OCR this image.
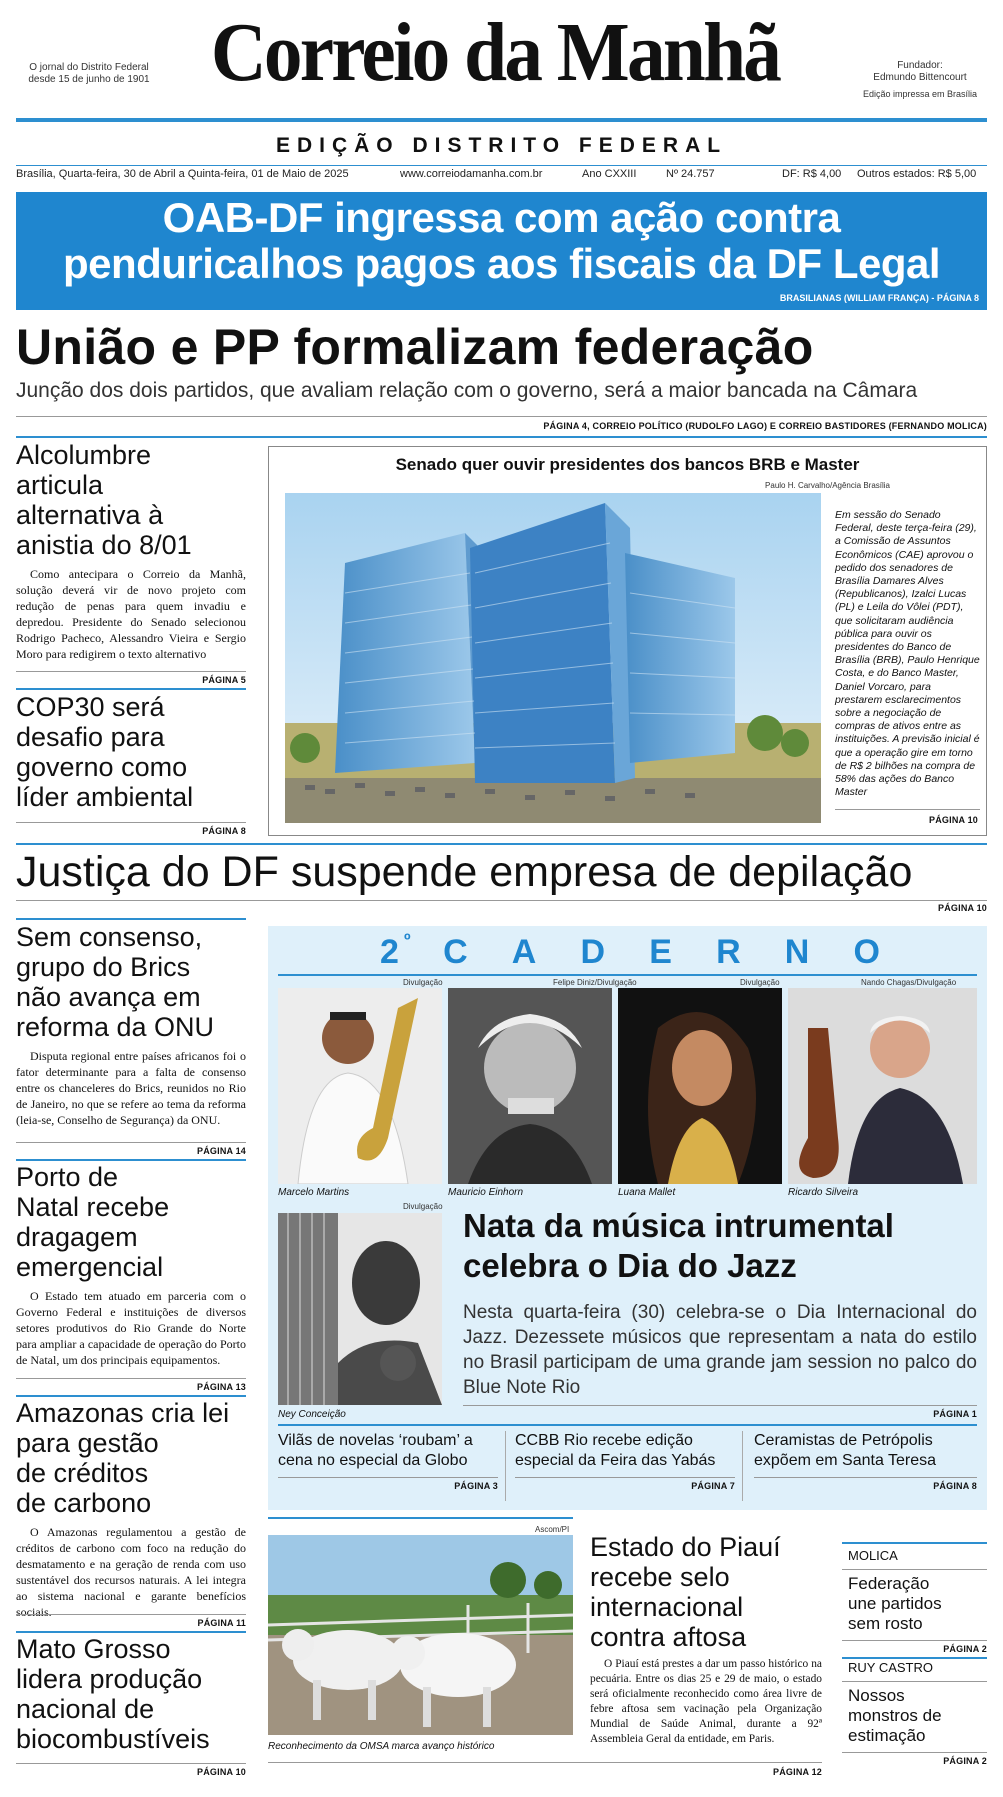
O jornal do Distrito Federal
desde 15 de junho de 1901 Correio da Manhã	Fundador:
Edmundo Bittencourt
Edição impressa em Brasília
EDIÇÃO DISTRITO FEDERAL
Brasília, Quarta-feira, 30 de Abril a Quinta-feira, 01 de Maio de 2025	www.correiodamanha.com.br	Ano CXXIII	Nº 24.757	DF: R$ 4,00 Outros estados: R$ 5,00
OAB-DF ingressa com ação contra
penduricalhos pagos aos fiscais da DF Legal
BRASILIANAS (WILLIAM FRANÇA) - PÁGINA 8
União e PP formalizam federação
Junção dos dois partidos, que avaliam relação com o governo, será a maior bancada na Câmara
PÁGINA 4, CORREIO POLÍTICO (RUDOLFO LAGO) E CORREIO BASTIDORES (FERNANDO MOLICA)
Alcolumbre
articula
alternativa à
anistia do 8/01
Como antecipara o Correio da Manhã, solução deverá vir de novo projeto com redução de penas para quem invadiu e depredou. Presidente do Senado selecionou Rodrigo Pacheco, Alessandro Vieira e Sergio Moro para redigirem o texto alternativo
PÁGINA 5
COP30 será
desafio para
governo como
líder ambiental
PÁGINA 8
Senado quer ouvir presidentes dos bancos BRB e Master
Paulo H. Carvalho/Agência Brasília
Em sessão do Senado Federal, deste terça-feira (29), a Comissão de Assuntos Econômicos (CAE) aprovou o pedido dos senadores de Brasília Damares Alves (Republicanos), Izalci Lucas (PL) e Leila do Vôlei (PDT), que solicitaram audiência pública para ouvir os presidentes do Banco de Brasília (BRB), Paulo Henrique Costa, e do Banco Master, Daniel Vorcaro, para prestarem esclarecimentos sobre a negociação de compras de ativos entre as instituições. A previsão inicial é que a operação gire em torno de R$ 2 bilhões na compra de 58% das ações do Banco Master
PÁGINA 10
Justiça do DF suspende empresa de depilação
PÁGINA 10
Sem consenso,
grupo do Brics
não avança em
reforma da ONU
Disputa regional entre países africanos foi o fator determinante para a falta de consenso entre os chanceleres do Brics, reunidos no Rio de Janeiro, no que se refere ao tema da reforma (leia-se, Conselho de Segurança) da ONU.
PÁGINA 14
Porto de
Natal recebe
dragagem
emergencial
O Estado tem atuado em parceria com o Governo Federal e instituições de diversos setores produtivos do Rio Grande do Norte para ampliar a capacidade de operação do Porto de Natal, um dos principais equipamentos.
PÁGINA 13
Amazonas cria lei
para gestão
de créditos
de carbono
O Amazonas regulamentou a gestão de créditos de carbono com foco na redução do desmatamento e na geração de renda com uso sustentável dos recursos naturais. A lei integra ao sistema nacional e garante benefícios sociais.
PÁGINA 11
Mato Grosso
lidera produção
nacional de
biocombustíveis
PÁGINA 10
2 C A D E R N O
º
Divulgação	Felipe Diniz/Divulgação	Divulgação	Nando Chagas/Divulgação
Marcelo Martins	Mauricio Einhorn	Luana Mallet	Ricardo Silveira
Divulgação
Ney Conceição
Nata da música intrumental
celebra o Dia do Jazz
Nesta quarta-feira (30) celebra-se o Dia Internacional do Jazz. Dezessete músicos que representam a nata do estilo no Brasil participam de uma grande jam session no palco do Blue Note Rio
PÁGINA 1
Vilãs de novelas ‘roubam’ a
cena no especial da Globo
PÁGINA 3
CCBB Rio recebe edição
especial da Feira das Yabás
PÁGINA 7
Ceramistas de Petrópolis
expõem em Santa Teresa
PÁGINA 8
Ascom/PI
Reconhecimento da OMSA marca avanço histórico
Estado do Piauí
recebe selo
internacional
contra aftosa
O Piauí está prestes a dar um passo histórico na pecuária. Entre os dias 25 e 29 de maio, o estado será oficialmente reconhecido como área livre de febre aftosa sem vacinação pela Organização Mundial de Saúde Animal, durante a 92ª Assembleia Geral da entidade, em Paris.
PÁGINA 12
MOLICA
Federação
une partidos
sem rosto
PÁGINA 2
RUY CASTRO
Nossos
monstros de
estimação
PÁGINA 2
